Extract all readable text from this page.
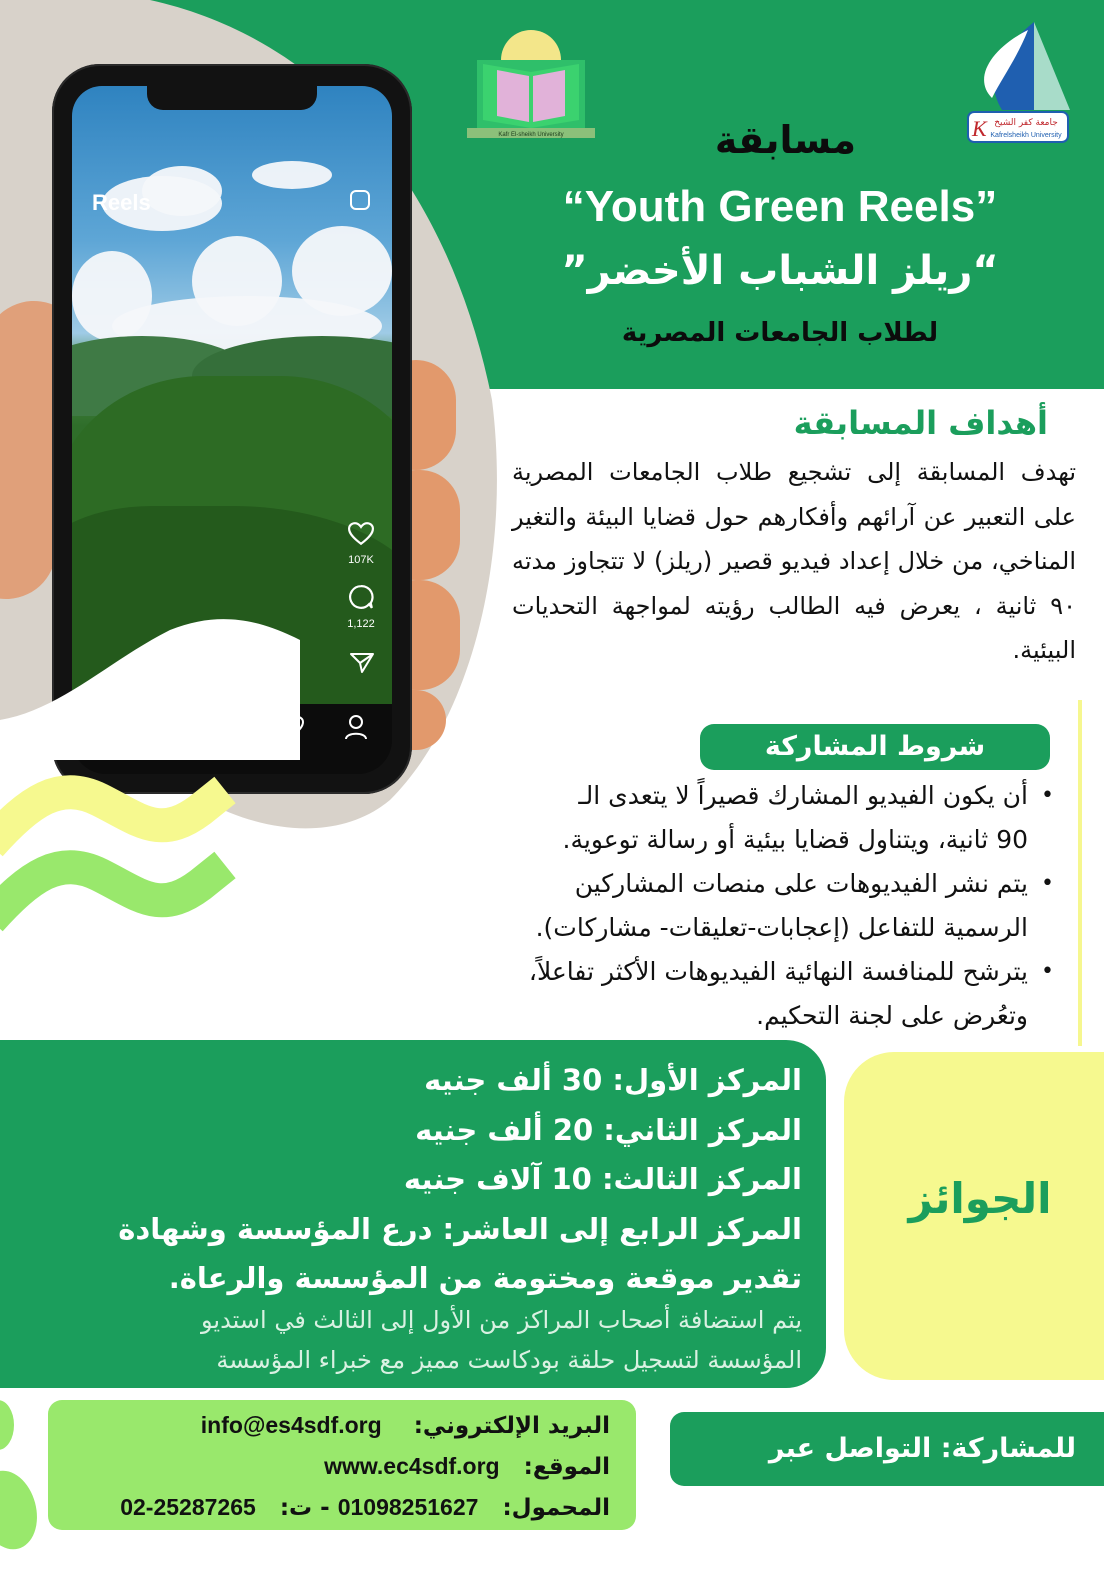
Reels
107K
1,122
Kafr El-sheikh University	K جامعة كفر الشيخ
Kafrelsheikh University
مسابقة
“Youth Green Reels”
“ريلز الشباب الأخضر”
لطلاب الجامعات المصرية
أهداف المسابقة
تهدف المسابقة إلى تشجيع طلاب الجامعات المصرية على التعبير عن آرائهم وأفكارهم حول قضايا البيئة والتغير المناخي، من خلال إعداد فيديو قصير (ريلز) لا تتجاوز مدته ٩٠ ثانية ، يعرض فيه الطالب رؤيته لمواجهة التحديات البيئية.
شروط المشاركة
•
أن يكون الفيديو المشارك قصيراً لا يتعدى الـ
90 ثانية، ويتناول قضايا بيئية أو رسالة توعوية.
•
يتم نشر الفيديوهات على منصات المشاركين
الرسمية للتفاعل (إعجابات-تعليقات- مشاركات).
•
يترشح للمنافسة النهائية الفيديوهات الأكثر تفاعلاً،
وتعُرض على لجنة التحكيم.
المركز الأول: 30 ألف جنيه
المركز الثاني: 20 ألف جنيه
المركز الثالث: 10 آلاف جنيه
المركز الرابع إلى العاشر: درع المؤسسة وشهادة
تقدير موقعة ومختومة من المؤسسة والرعاة.
يتم استضافة أصحاب المراكز من الأول إلى الثالث في استديو
المؤسسة لتسجيل حلقة بودكاست مميز مع خبراء المؤسسة
الجوائز
البريد الإلكتروني:    info@es4sdf.org
الموقع:   www.ec4sdf.org
المحمول:   01098251627 - ت:   02-25287265
للمشاركة: التواصل عبر
